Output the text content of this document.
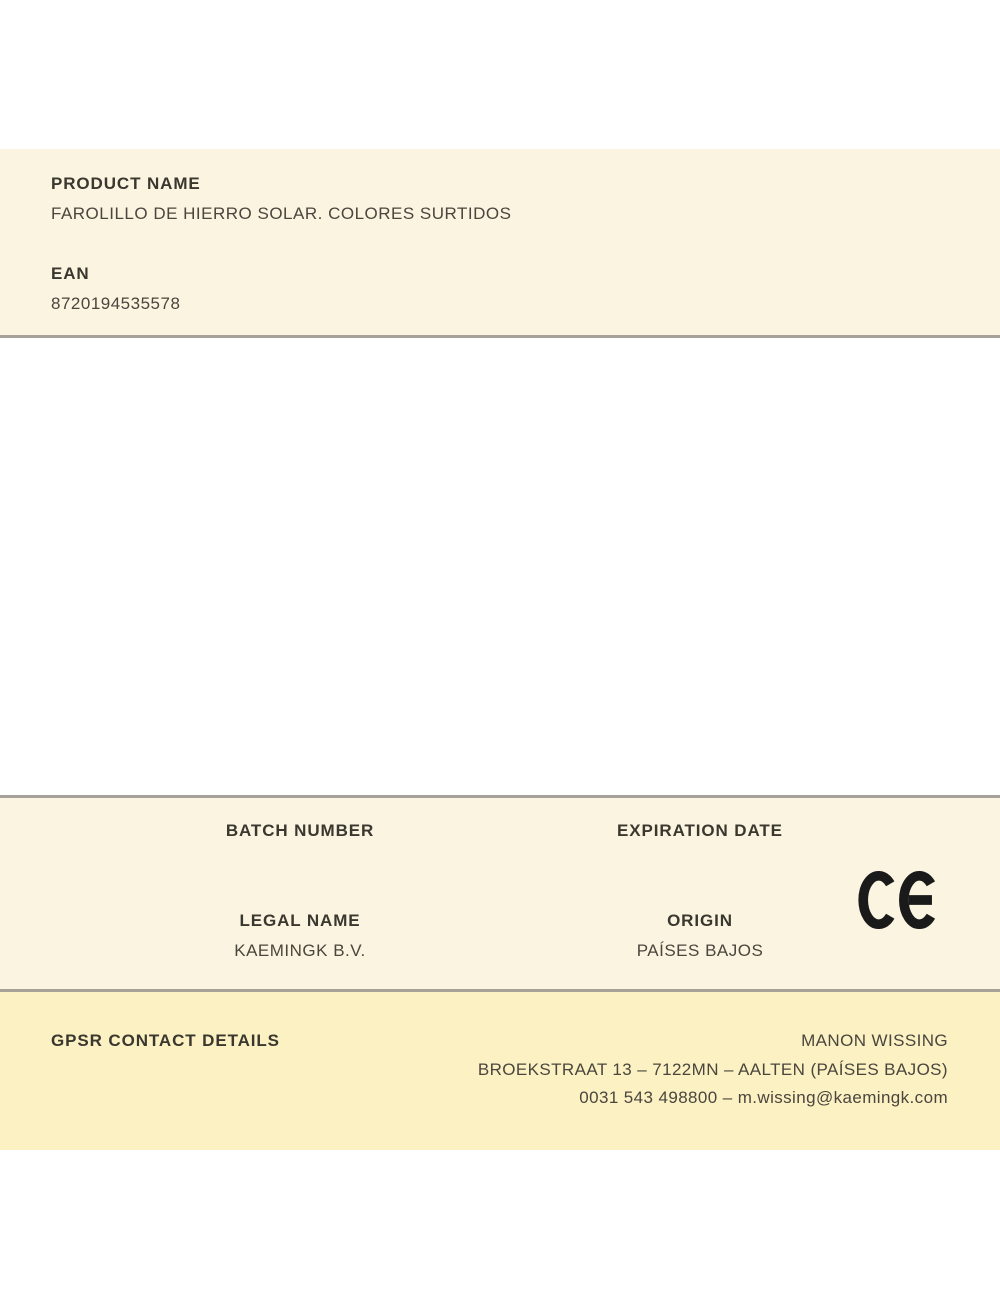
PRODUCT NAME
FAROLILLO DE HIERRO SOLAR. COLORES SURTIDOS
EAN
8720194535578
BATCH NUMBER
LEGAL NAME
KAEMINGK B.V.
EXPIRATION DATE
ORIGIN
PAÍSES BAJOS
GPSR CONTACT DETAILS	MANON WISSING
BROEKSTRAAT 13 – 7122MN – AALTEN (PAÍSES BAJOS)
0031 543 498800 – m.wissing@kaemingk.com
